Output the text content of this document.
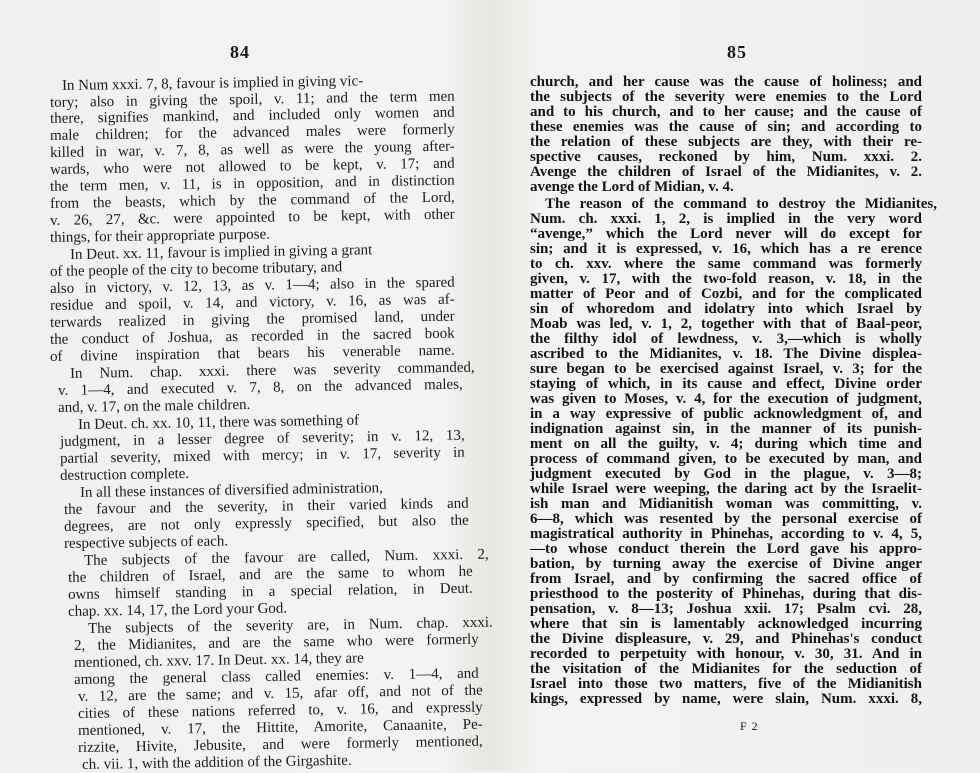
84
In Num xxxi. 7, 8, favour is implied in giving vic-
tory; also in giving the spoil, v. 11; and the term men
there, signifies mankind, and included only women and
male children; for the advanced males were formerly
killed in war, v. 7, 8, as well as were the young after-
wards, who were not allowed to be kept, v. 17; and
the term men, v. 11, is in opposition, and in distinction
from the beasts, which by the command of the Lord,
v. 26, 27, &c. were appointed to be kept, with other
things, for their appropriate purpose.
In Deut. xx. 11, favour is implied in giving a grant
of the people of the city to become tributary, and
also in victory, v. 12, 13, as v. 1—4; also in the spared
residue and spoil, v. 14, and victory, v. 16, as was af-
terwards realized in giving the promised land, under
the conduct of Joshua, as recorded in the sacred book
of divine inspiration that bears his venerable name.
In Num. chap. xxxi. there was severity commanded,
v. 1—4, and executed v. 7, 8, on the advanced males,
and, v. 17, on the male children.
In Deut. ch. xx. 10, 11, there was something of
judgment, in a lesser degree of severity; in v. 12, 13,
partial severity, mixed with mercy; in v. 17, severity in
destruction complete.
In all these instances of diversified administration,
the favour and the severity, in their varied kinds and
degrees, are not only expressly specified, but also the
respective subjects of each.
The subjects of the favour are called, Num. xxxi. 2,
the children of Israel, and are the same to whom he
owns himself standing in a special relation, in Deut.
chap. xx. 14, 17, the Lord your God.
The subjects of the severity are, in Num. chap. xxxi.
2, the Midianites, and are the same who were formerly
mentioned, ch. xxv. 17. In Deut. xx. 14, they are
among the general class called enemies: v. 1—4, and
v. 12, are the same; and v. 15, afar off, and not of the
cities of these nations referred to, v. 16, and expressly
mentioned, v. 17, the Hittite, Amorite, Canaanite, Pe-
rizzite, Hivite, Jebusite, and were formerly mentioned,
ch. vii. 1, with the addition of the Girgashite.
85
church, and her cause was the cause of holiness; and
the subjects of the severity were enemies to the Lord
and to his church, and to her cause; and the cause of
these enemies was the cause of sin; and according to
the relation of these subjects are they, with their re-
spective causes, reckoned by him, Num. xxxi. 2.
Avenge the children of Israel of the Midianites, v. 2.
avenge the Lord of Midian, v. 4.
The reason of the command to destroy the Midianites,
Num. ch. xxxi. 1, 2, is implied in the very word
“avenge,” which the Lord never will do except for
sin; and it is expressed, v. 16, which has a re erence
to ch. xxv. where the same command was formerly
given, v. 17, with the two-fold reason, v. 18, in the
matter of Peor and of Cozbi, and for the complicated
sin of whoredom and idolatry into which Israel by
Moab was led, v. 1, 2, together with that of Baal-peor,
the filthy idol of lewdness, v. 3,—which is wholly
ascribed to the Midianites, v. 18. The Divine displea-
sure began to be exercised against Israel, v. 3; for the
staying of which, in its cause and effect, Divine order
was given to Moses, v. 4, for the execution of judgment,
in a way expressive of public acknowledgment of, and
indignation against sin, in the manner of its punish-
ment on all the guilty, v. 4; during which time and
process of command given, to be executed by man, and
judgment executed by God in the plague, v. 3—8;
while Israel were weeping, the daring act by the Israelit-
ish man and Midianitish woman was committing, v.
6—8, which was resented by the personal exercise of
magistratical authority in Phinehas, according to v. 4, 5,
—to whose conduct therein the Lord gave his appro-
bation, by turning away the exercise of Divine anger
from Israel, and by confirming the sacred office of
priesthood to the posterity of Phinehas, during that dis-
pensation, v. 8—13; Joshua xxii. 17; Psalm cvi. 28,
where that sin is lamentably acknowledged incurring
the Divine displeasure, v. 29, and Phinehas's conduct
recorded to perpetuity with honour, v. 30, 31. And in
the visitation of the Midianites for the seduction of
Israel into those two matters, five of the Midianitish
kings, expressed by name, were slain, Num. xxxi. 8,
F 2
